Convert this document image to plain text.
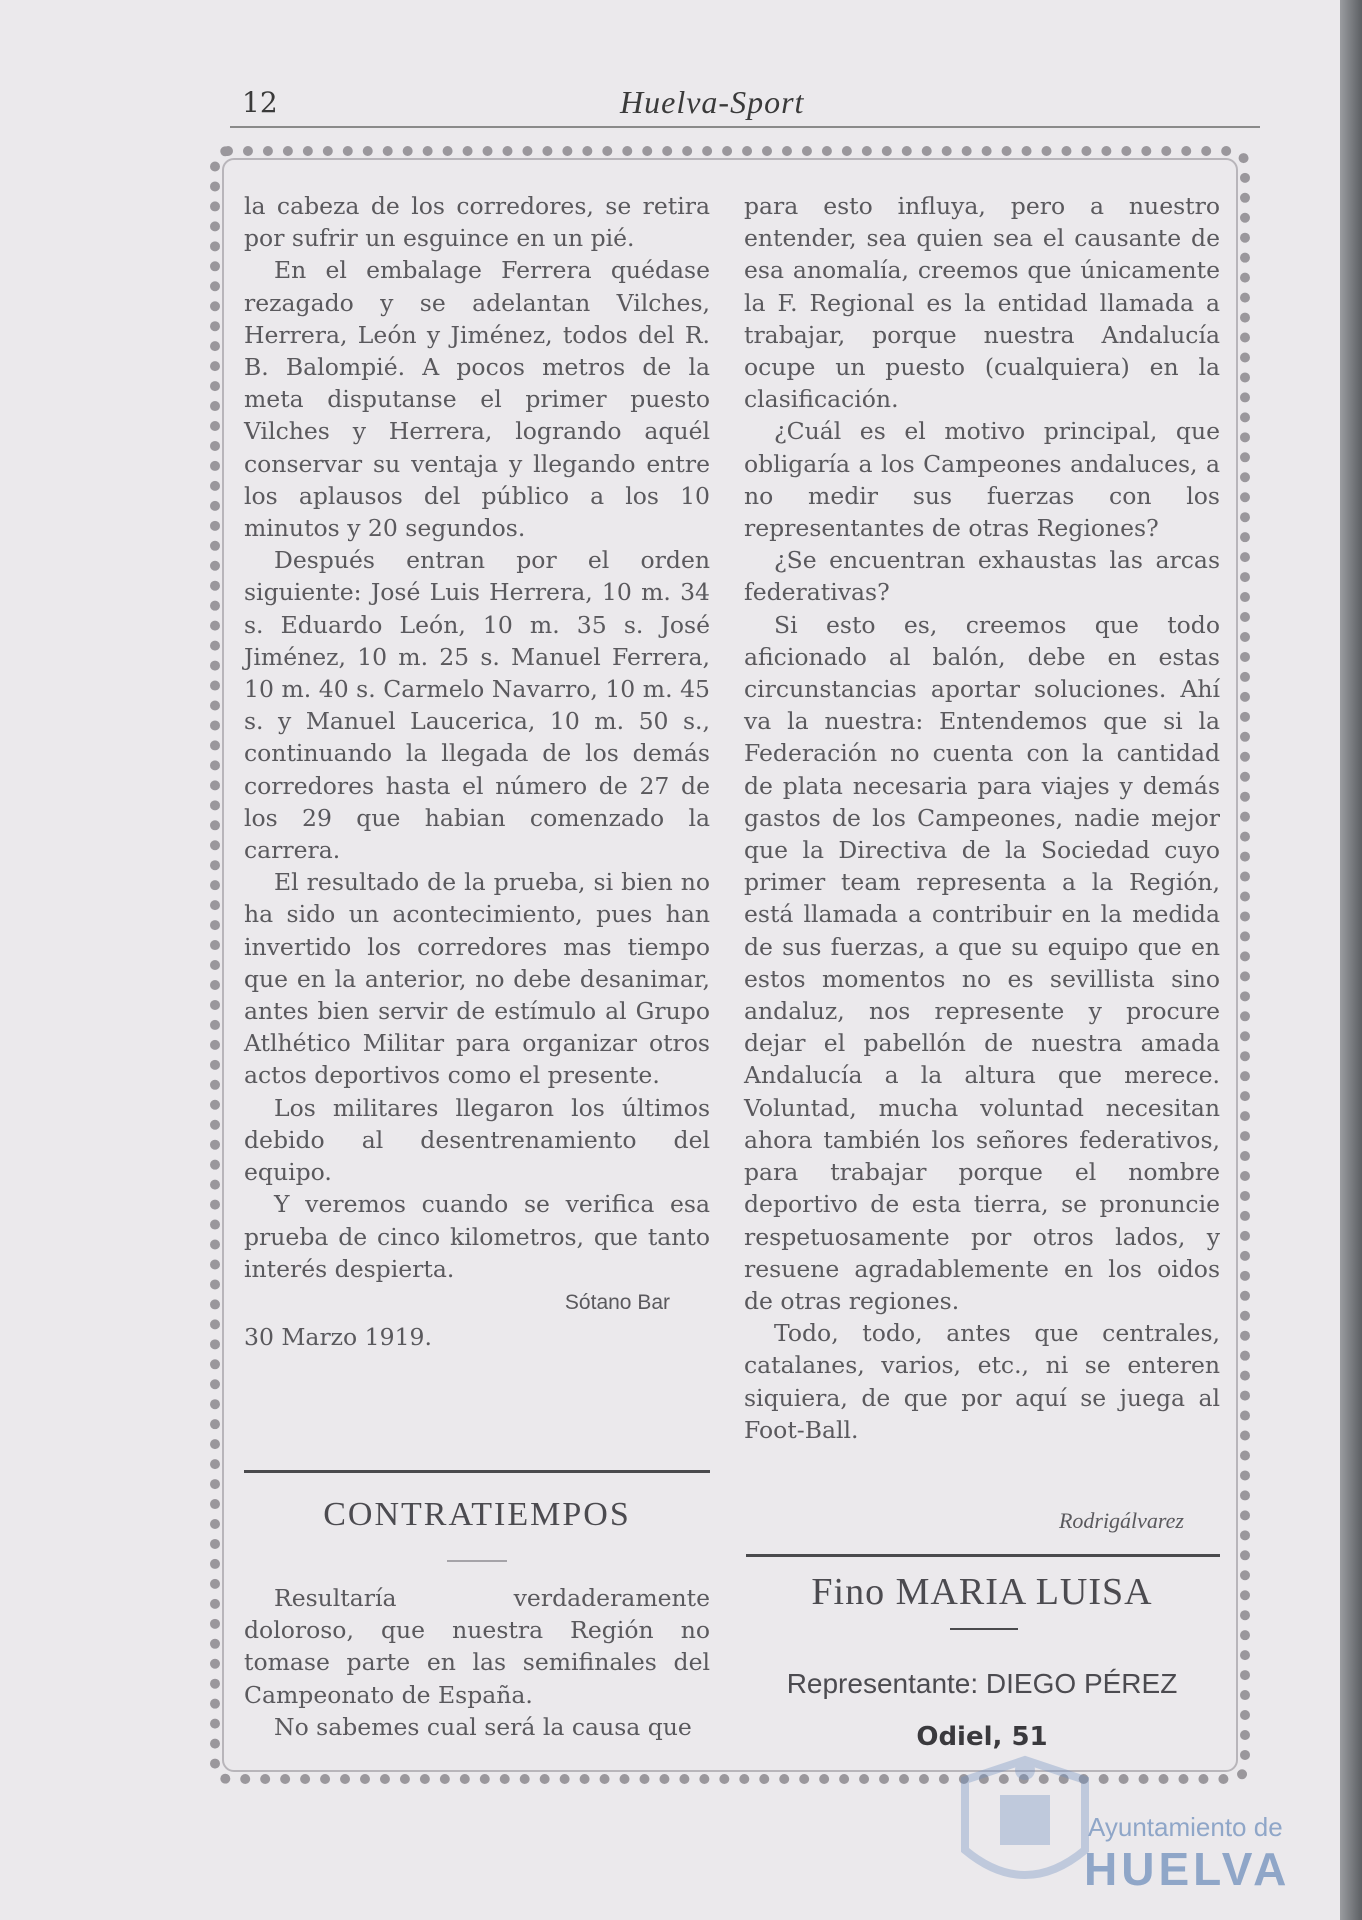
12	Huelva-Sport

la cabeza de los corredores, se retira por sufrir un esguince en un pié.

En el embalage Ferrera quédase rezagado y se adelantan Vilches, Herrera, León y Jiménez, todos del R. B. Balompié. A pocos metros de la meta disputanse el primer puesto Vilches y Herrera, logrando aquél conservar su ventaja y llegando entre los aplausos del público a los 10 minutos y 20 segundos.

Después entran por el orden siguiente: José Luis Herrera, 10 m. 34 s. Eduardo León, 10 m. 35 s. José Jiménez, 10 m. 25 s. Manuel Ferrera, 10 m. 40 s. Carmelo Navarro, 10 m. 45 s. y Manuel Laucerica, 10 m. 50 s., continuando la llegada de los demás corredores hasta el número de 27 de los 29 que habian comenzado la carrera.

El resultado de la prueba, si bien no ha sido un acontecimiento, pues han invertido los corredores mas tiempo que en la anterior, no debe desanimar, antes bien servir de estímulo al Grupo Atlhético Militar para organizar otros actos deportivos como el presente.

Los militares llegaron los últimos debido al desentrenamiento del equipo.

Y veremos cuando se verifica esa prueba de cinco kilometros, que tanto interés despierta.

Sótano Bar
30 Marzo 1919.
CONTRATIEMPOS

Resultaría verdaderamente doloroso, que nuestra Región no tomase parte en las semifinales del Campeonato de España.

No sabemes cual será la causa que

para esto influya, pero a nuestro entender, sea quien sea el causante de esa anomalía, creemos que únicamente la F. Regional es la entidad llamada a trabajar, porque nuestra Andalucía ocupe un puesto (cualquiera) en la clasificación.

¿Cuál es el motivo principal, que obligaría a los Campeones andaluces, a no medir sus fuerzas con los representantes de otras Regiones?

¿Se encuentran exhaustas las arcas federativas?

Si esto es, creemos que todo aficionado al balón, debe en estas circunstancias aportar soluciones. Ahí va la nuestra: Entendemos que si la Federación no cuenta con la cantidad de plata necesaria para viajes y demás gastos de los Campeones, nadie mejor que la Directiva de la Sociedad cuyo primer team representa a la Región, está llamada a contribuir en la medida de sus fuerzas, a que su equipo que en estos momentos no es sevillista sino andaluz, nos represente y procure dejar el pabellón de nuestra amada Andalucía a la altura que merece. Voluntad, mucha voluntad necesitan ahora también los señores federativos, para trabajar porque el nombre deportivo de esta tierra, se pronuncie respetuosamente por otros lados, y resuene agradablemente en los oidos de otras regiones.

Todo, todo, antes que centrales, catalanes, varios, etc., ni se enteren siquiera, de que por aquí se juega al Foot-Ball.

Rodrigálvarez
Fino MARIA LUISA
Representante: DIEGO PÉREZ
Odiel, 51
Ayuntamiento de
HUELVA
